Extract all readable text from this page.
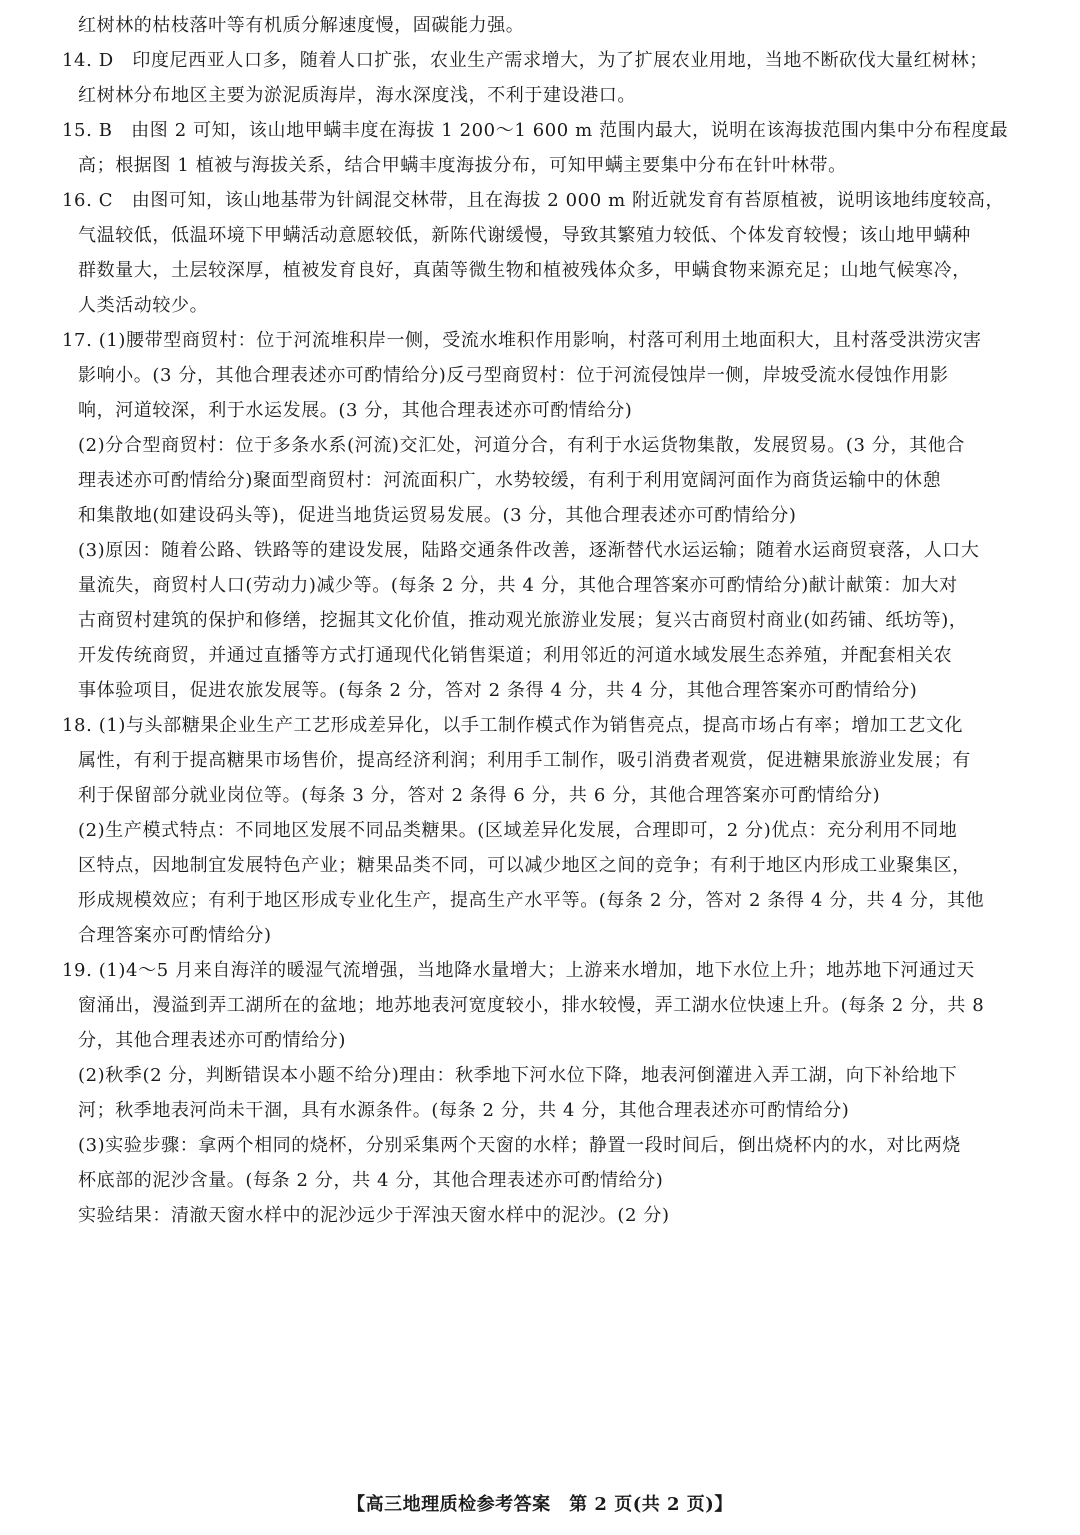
红树林的枯枝落叶等有机质分解速度慢，固碳能力强。

14. D　印度尼西亚人口多，随着人口扩张，农业生产需求增大，为了扩展农业用地，当地不断砍伐大量红树林；

红树林分布地区主要为淤泥质海岸，海水深度浅，不利于建设港口。

15. B　由图 2 可知，该山地甲螨丰度在海拔 1 200～1 600 m 范围内最大，说明在该海拔范围内集中分布程度最

高；根据图 1 植被与海拔关系，结合甲螨丰度海拔分布，可知甲螨主要集中分布在针叶林带。

16. C　由图可知，该山地基带为针阔混交林带，且在海拔 2 000 m 附近就发育有苔原植被，说明该地纬度较高，

气温较低，低温环境下甲螨活动意愿较低，新陈代谢缓慢，导致其繁殖力较低、个体发育较慢；该山地甲螨种

群数量大，土层较深厚，植被发育良好，真菌等微生物和植被残体众多，甲螨食物来源充足；山地气候寒冷，

人类活动较少。

17. (1)腰带型商贸村：位于河流堆积岸一侧，受流水堆积作用影响，村落可利用土地面积大，且村落受洪涝灾害

影响小。(3 分，其他合理表述亦可酌情给分)反弓型商贸村：位于河流侵蚀岸一侧，岸坡受流水侵蚀作用影

响，河道较深，利于水运发展。(3 分，其他合理表述亦可酌情给分)

(2)分合型商贸村：位于多条水系(河流)交汇处，河道分合，有利于水运货物集散，发展贸易。(3 分，其他合

理表述亦可酌情给分)聚面型商贸村：河流面积广，水势较缓，有利于利用宽阔河面作为商货运输中的休憩

和集散地(如建设码头等)，促进当地货运贸易发展。(3 分，其他合理表述亦可酌情给分)

(3)原因：随着公路、铁路等的建设发展，陆路交通条件改善，逐渐替代水运运输；随着水运商贸衰落，人口大

量流失，商贸村人口(劳动力)减少等。(每条 2 分，共 4 分，其他合理答案亦可酌情给分)献计献策：加大对

古商贸村建筑的保护和修缮，挖掘其文化价值，推动观光旅游业发展；复兴古商贸村商业(如药铺、纸坊等)，

开发传统商贸，并通过直播等方式打通现代化销售渠道；利用邻近的河道水域发展生态养殖，并配套相关农

事体验项目，促进农旅发展等。(每条 2 分，答对 2 条得 4 分，共 4 分，其他合理答案亦可酌情给分)

18. (1)与头部糖果企业生产工艺形成差异化，以手工制作模式作为销售亮点，提高市场占有率；增加工艺文化

属性，有利于提高糖果市场售价，提高经济利润；利用手工制作，吸引消费者观赏，促进糖果旅游业发展；有

利于保留部分就业岗位等。(每条 3 分，答对 2 条得 6 分，共 6 分，其他合理答案亦可酌情给分)

(2)生产模式特点：不同地区发展不同品类糖果。(区域差异化发展，合理即可，2 分)优点：充分利用不同地

区特点，因地制宜发展特色产业；糖果品类不同，可以减少地区之间的竞争；有利于地区内形成工业聚集区，

形成规模效应；有利于地区形成专业化生产，提高生产水平等。(每条 2 分，答对 2 条得 4 分，共 4 分，其他

合理答案亦可酌情给分)

19. (1)4～5 月来自海洋的暖湿气流增强，当地降水量增大；上游来水增加，地下水位上升；地苏地下河通过天

窗涌出，漫溢到弄工湖所在的盆地；地苏地表河宽度较小，排水较慢，弄工湖水位快速上升。(每条 2 分，共 8

分，其他合理表述亦可酌情给分)

(2)秋季(2 分，判断错误本小题不给分)理由：秋季地下河水位下降，地表河倒灌进入弄工湖，向下补给地下

河；秋季地表河尚未干涸，具有水源条件。(每条 2 分，共 4 分，其他合理表述亦可酌情给分)

(3)实验步骤：拿两个相同的烧杯，分别采集两个天窗的水样；静置一段时间后，倒出烧杯内的水，对比两烧

杯底部的泥沙含量。(每条 2 分，共 4 分，其他合理表述亦可酌情给分)

实验结果：清澈天窗水样中的泥沙远少于浑浊天窗水样中的泥沙。(2 分)

【高三地理质检参考答案　第 2 页(共 2 页)】
